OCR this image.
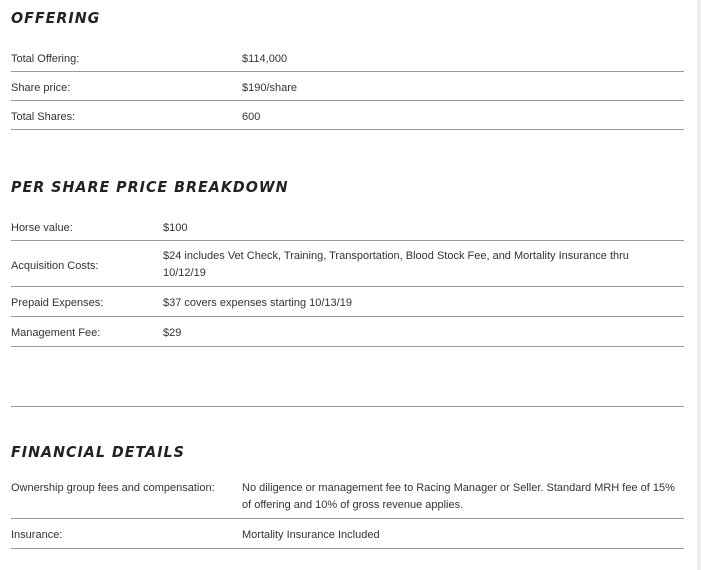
OFFERING
Total Offering:	$114,000
Share price:	$190/share
Total Shares:	600
PER SHARE PRICE BREAKDOWN
Horse value:	$100
Acquisition Costs:
$24 includes Vet Check, Training, Transportation, Blood Stock Fee, and Mortality Insurance thru 10/12/19
Prepaid Expenses:	$37 covers expenses starting 10/13/19
Management Fee:	$29
FINANCIAL DETAILS
Ownership group fees and compensation: No diligence or management fee to Racing Manager or Seller. Standard MRH fee of 15% of offering and 10% of gross revenue applies.
Insurance:	Mortality Insurance Included
